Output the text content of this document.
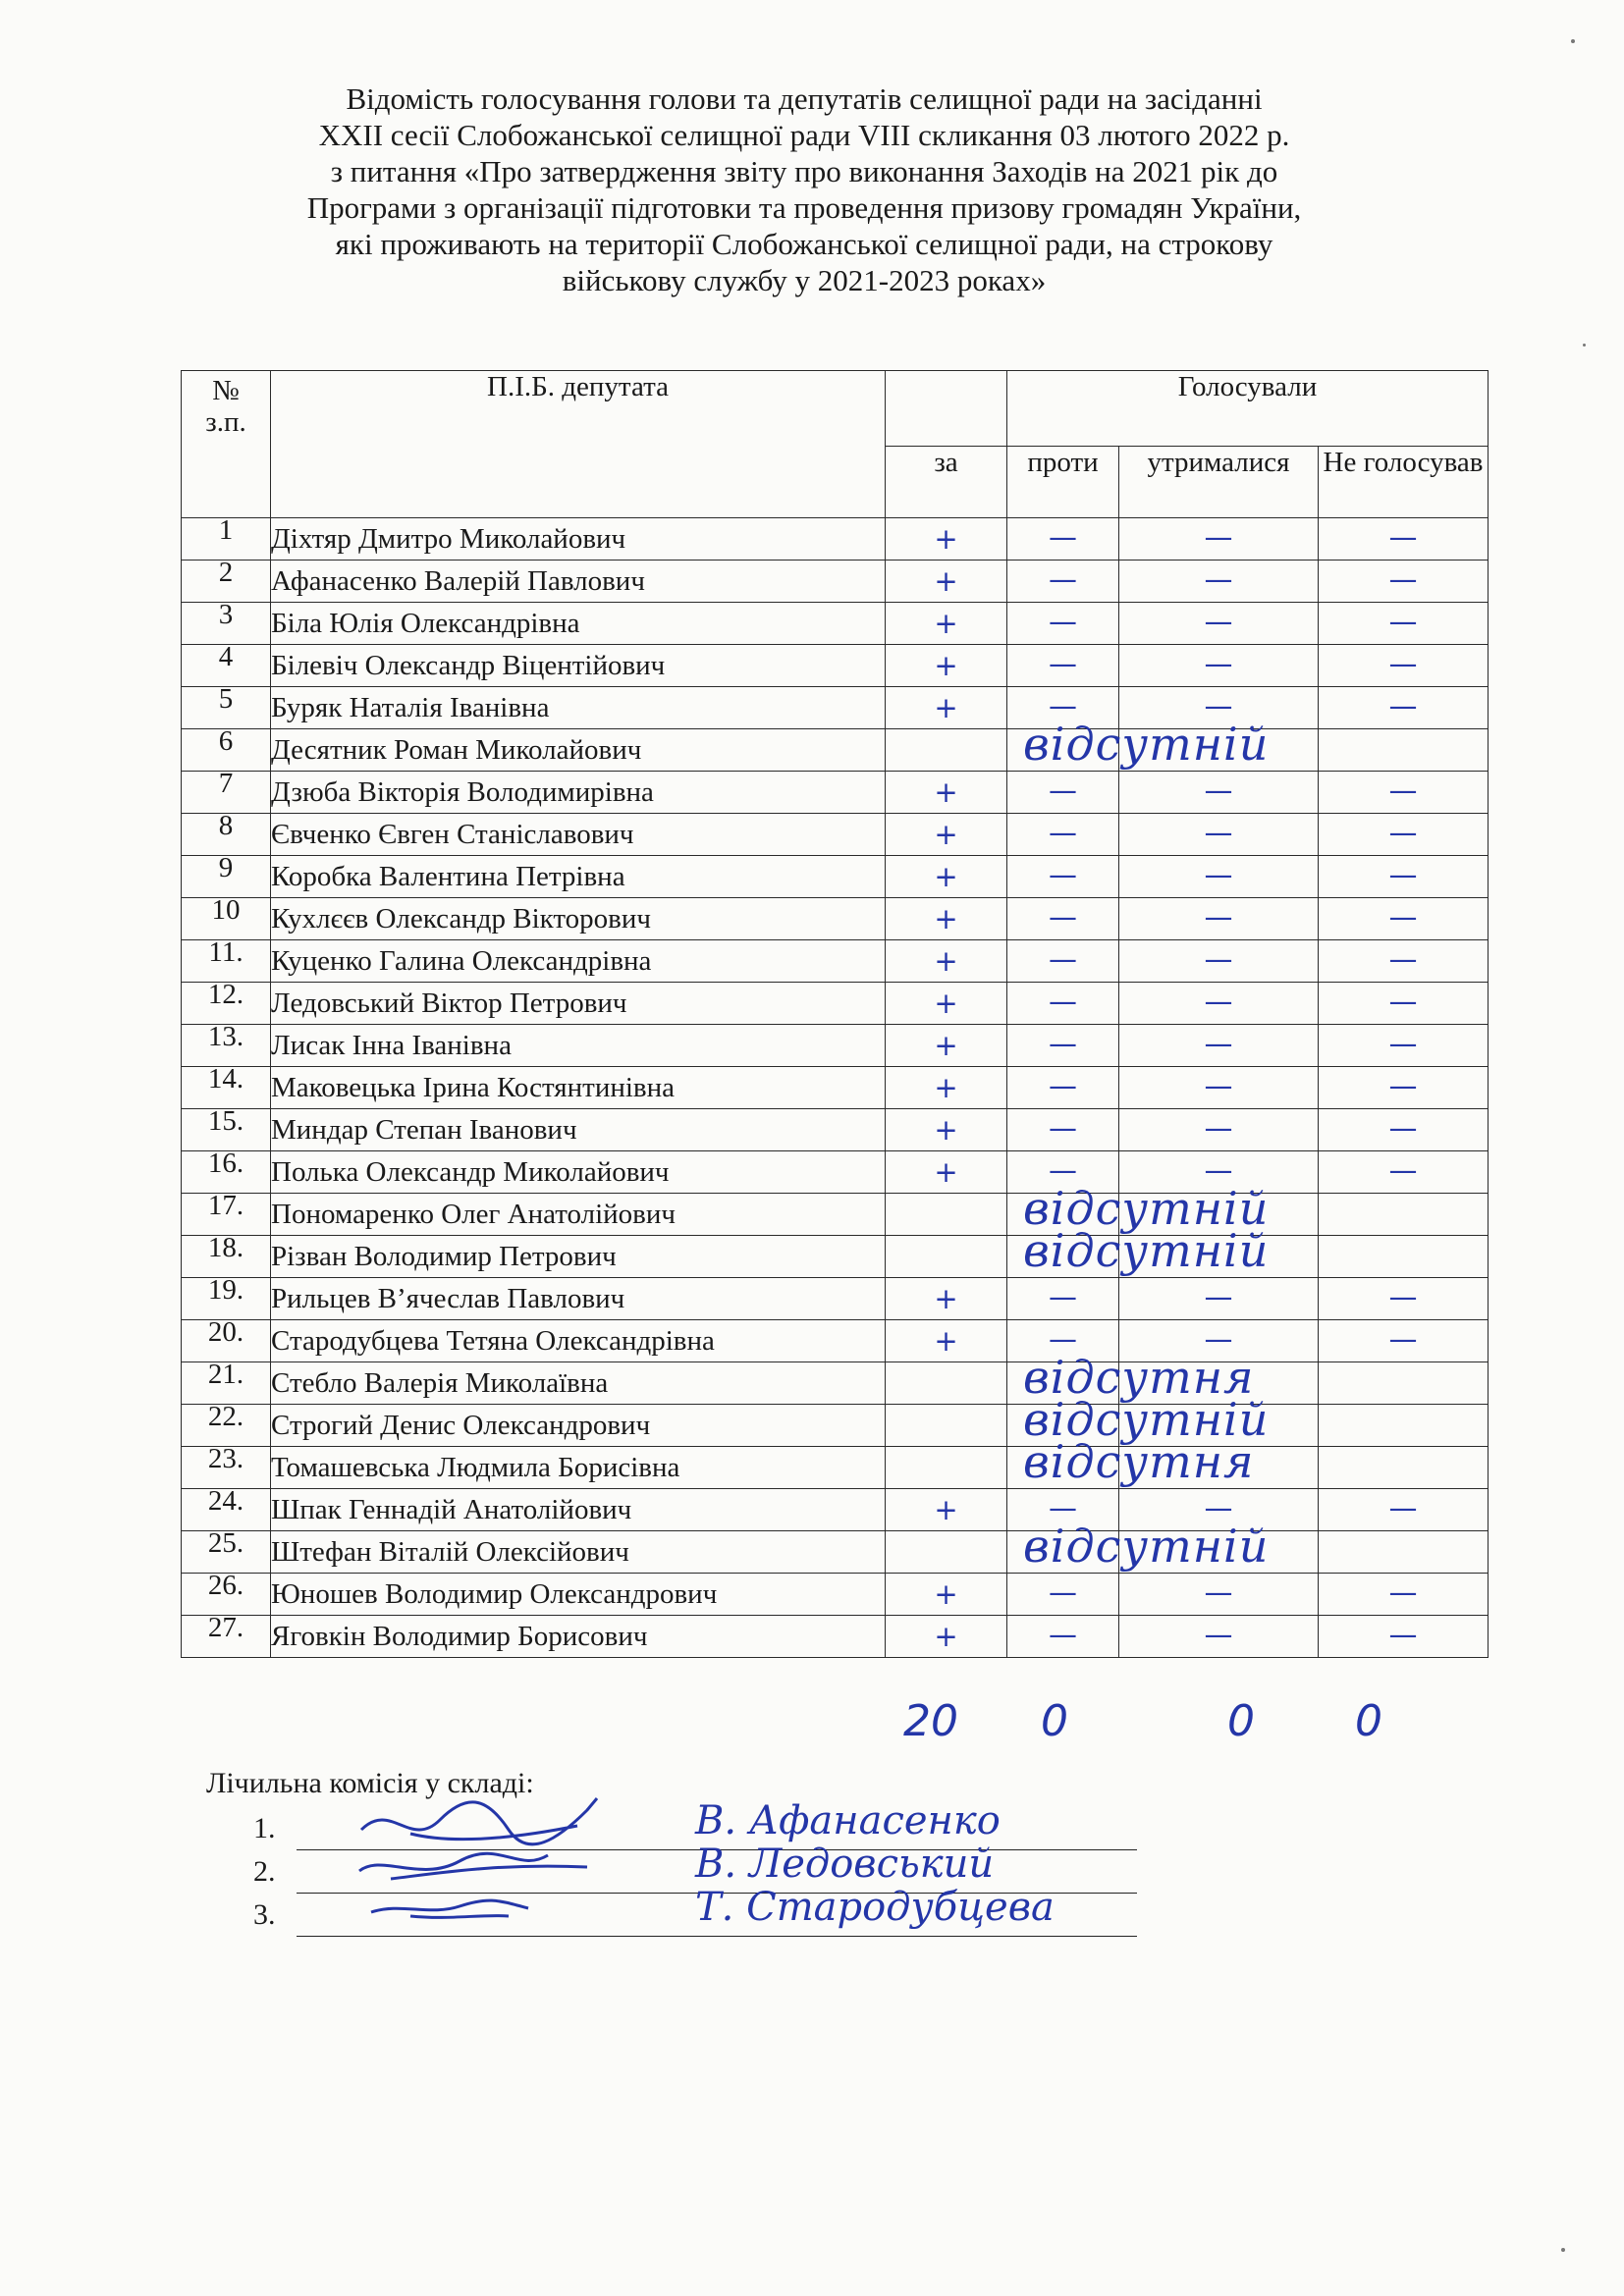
Відомість голосування голови та депутатів селищної ради на засіданні
XXII сесії Слобожанської селищної ради VIII скликання 03 лютого 2022 р.
з питання «Про затвердження звіту про виконання Заходів на 2021 рік до
Програми з організації підготовки та проведення призову громадян України,
які проживають на території Слобожанської селищної ради, на строкову
військову службу у 2021-2023 роках»
№ з.п.	П.І.Б. депутата		Голосували		
		за	проти	утрималися	Не голосував
1	Діхтяр Дмитро Миколайович	+	—	—	—
2	Афанасенко Валерій Павлович	+	—	—	—
3	Біла Юлія Олександрівна	+	—	—	—
4	Білевіч Олександр Віцентійович	+	—	—	—
5	Буряк Наталія Іванівна	+	—	—	—
6	Десятник Роман Миколайович	відсутній			

7	Дзюба Вікторія Володимирівна	+	—	—	—
8	Євченко Євген Станіславович	+	—	—	—
9	Коробка Валентина Петрівна	+	—	—	—
10	Кухлєєв Олександр Вікторович	+	—	—	—
11.	Куценко Галина Олександрівна	+	—	—	—
12.	Ледовський Віктор Петрович	+	—	—	—
13.	Лисак Інна Іванівна	+	—	—	—
14.	Маковецька Ірина Костянтинівна	+	—	—	—
15.	Миндар Степан Іванович	+	—	—	—
16.	Полька Олександр Миколайович	+	—	—	—
17.	Пономаренко Олег Анатолійович	відсутній			

18.	Різван Володимир Петрович	відсутній			

19.	Рильцев В’ячеслав Павлович	+	—	—	—
20.	Стародубцева Тетяна Олександрівна	+	—	—	—
21.	Стебло Валерія Миколаївна	відсутня			

22.	Строгий Денис Олександрович	відсутній			

23.	Томашевська Людмила Борисівна	відсутня			

24.	Шпак Геннадій Анатолійович	+	—	—	—
25.	Штефан Віталій Олексійович	відсутній			

26.	Юношев Володимир Олександрович	+	—	—	—
27.	Яговкін Володимир Борисович	+	—	—	—
20 0	0 0
Лічильна комісія у складі:
1.	В. Афанасенко
2.	В. Ледовський
3.	Т. Стародубцева
